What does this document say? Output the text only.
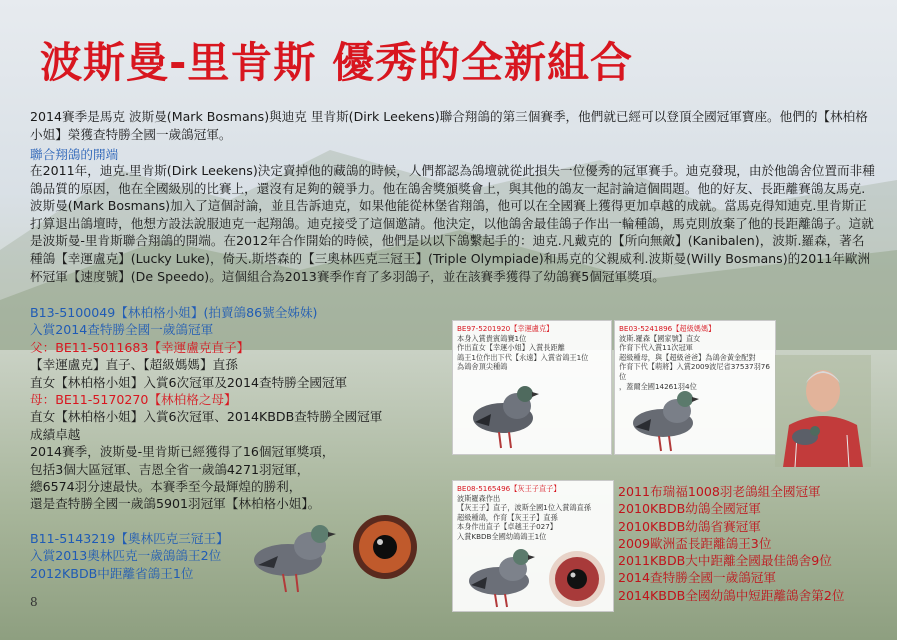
波斯曼-里肯斯 優秀的全新組合
2014賽季是馬克 波斯曼(Mark Bosmans)與迪克 里肯斯(Dirk Leekens)聯合翔鴿的第三個賽季，他們就已經可以登頂全國冠軍寶座。他們的【林柏格小姐】榮獲查特勝全國一歲鴿冠軍。
聯合翔鴿的開端
在2011年，迪克.里肯斯(Dirk Leekens)決定賣掉他的藏鴿的時候，人們都認為鴿壇就從此損失一位優秀的冠軍賽手。迪克發現，由於他鴿舍位置而非種鴿品質的原因，他在全國級別的比賽上，還沒有足夠的競爭力。他在鴿舍獎頒獎會上，與其他的鴿友一起討論這個問題。他的好友、長距離賽鴿友馬克.波斯曼(Mark Bosmans)加入了這個討論，並且告訴迪克，如果他能從林堡省翔鴿，他可以在全國賽上獲得更加卓越的成就。當馬克得知迪克.里肯斯正打算退出鴿壇時，他想方設法說服迪克一起翔鴿。迪克接受了這個邀請。他決定，以他鴿舍最佳鴿子作出一輪種鴿，馬克則放棄了他的長距離鴿子。這就是波斯曼-里肯斯聯合翔鴿的開端。在2012年合作開始的時候，他們是以以下鴿繫起手的：迪克.凡戴克的【所向無敵】(Kanibalen)，波斯.羅森，著名種鴿【幸運盧克】(Lucky Luke)，倚天.斯塔森的【三奧林匹克三冠王】(Triple Olympiade)和馬克的父親威利.波斯曼(Willy Bosmans)的2011年歐洲杯冠軍【速度號】(De Speedo)。這個組合為2013賽季作育了多羽鴿子，並在該賽季獲得了幼鴿賽5個冠軍獎項。
B13-5100049【林柏格小姐】(拍賣鴿86號全姊妹)
入賞2014查特勝全國一歲鴿冠軍
父：BE11-5011683【幸運盧克直子】
【幸運盧克】直子、【超級媽媽】直孫
直女【林柏格小姐】入賞6次冠軍及2014查特勝全國冠軍
母：BE11-5170270【林柏格之母】
直女【林柏格小姐】入賞6次冠軍、2014KBDB查特勝全國冠軍
成績卓越
2014賽季，波斯曼-里肯斯已經獲得了16個冠軍獎項，
包括3個大區冠軍、吉恩全省一歲鴿4271羽冠軍，
總6574羽分速最快。本賽季至今最輝煌的勝利，
還是查特勝全國一歲鴿5901羽冠軍【林柏格小姐】。
B11-5143219【奧林匹克三冠王】
入賞2013奧林匹克一歲鴿鴿王2位
2012KBDB中距離省鴿王1位
BE97-5201920【幸運盧克】
本身入賞貴賓鴿賽1位
作出直女【幸運小姐】入賞長距離
鴿王1位作出下代【永遠】入賞省鴿王1位
為鴿舍頂尖種鴿
BE03-5241896【超級媽媽】
波斯.羅森【國家號】直女
作育下代入賞11次冠軍
超級種母，與【超級爸爸】為鴿舍黃金配對
作育下代【萌將】入賞2009波尼省37537羽76位
，蓋爾全國14261羽4位
BE08-5165496【灰王子直子】
波斯羅森作出
【灰王子】直子，波斯全國1位入賞鴿直孫
超級種鴿，作育【灰王子】直孫
本身作出直子【卓越王子027】
入賞KBDB全國幼鴿鴿王1位
2011布瑞福1008羽老鴿組全國冠軍
2010KBDB幼鴿全國冠軍
2010KBDB幼鴿省賽冠軍
2009歐洲盃長距離鴿王3位
2011KBDB大中距離全國最佳鴿舍9位
2014查特勝全國一歲鴿冠軍
2014KBDB全國幼鴿中短距離鴿舍第2位
8
